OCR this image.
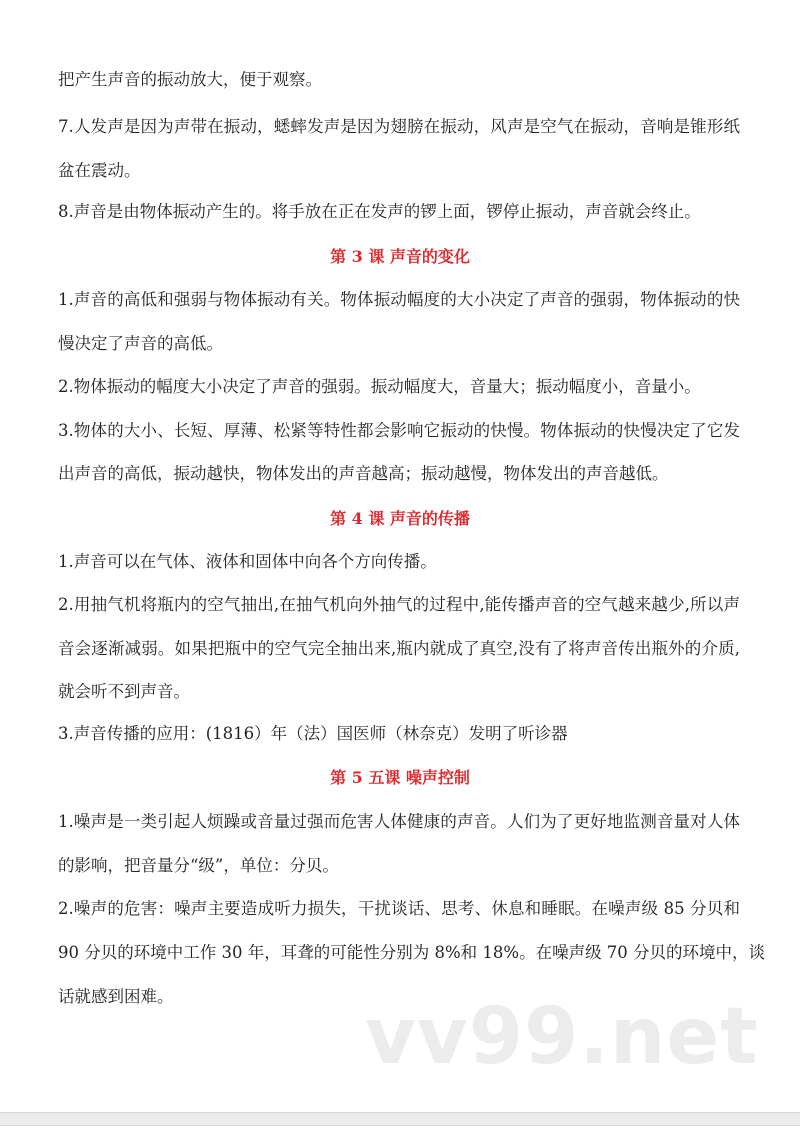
把产生声音的振动放大，便于观察。
7.人发声是因为声带在振动，蟋蟀发声是因为翅膀在振动，风声是空气在振动，音响是锥形纸
盆在震动。
8.声音是由物体振动产生的。将手放在正在发声的锣上面，锣停止振动，声音就会终止。
第 3 课 声音的变化
1.声音的高低和强弱与物体振动有关。物体振动幅度的大小决定了声音的强弱，物体振动的快
慢决定了声音的高低。
2.物体振动的幅度大小决定了声音的强弱。振动幅度大，音量大；振动幅度小，音量小。
3.物体的大小、长短、厚薄、松紧等特性都会影响它振动的快慢。物体振动的快慢决定了它发
出声音的高低，振动越快，物体发出的声音越高；振动越慢，物体发出的声音越低。
第 4 课 声音的传播
1.声音可以在气体、液体和固体中向各个方向传播。
2.用抽气机将瓶内的空气抽出,在抽气机向外抽气的过程中,能传播声音的空气越来越少,所以声
音会逐渐减弱。如果把瓶中的空气完全抽出来,瓶内就成了真空,没有了将声音传出瓶外的介质,
就会听不到声音。
3.声音传播的应用：(1816）年（法）国医师（林奈克）发明了听诊器
第 5 五课 噪声控制
1.噪声是一类引起人烦躁或音量过强而危害人体健康的声音。人们为了更好地监测音量对人体
的影响，把音量分“级”，单位：分贝。
2.噪声的危害：噪声主要造成听力损失，干扰谈话、思考、休息和睡眠。在噪声级 85 分贝和
90 分贝的环境中工作 30 年，耳聋的可能性分别为 8%和 18%。在噪声级 70 分贝的环境中，谈
话就感到困难。	vv99.net
